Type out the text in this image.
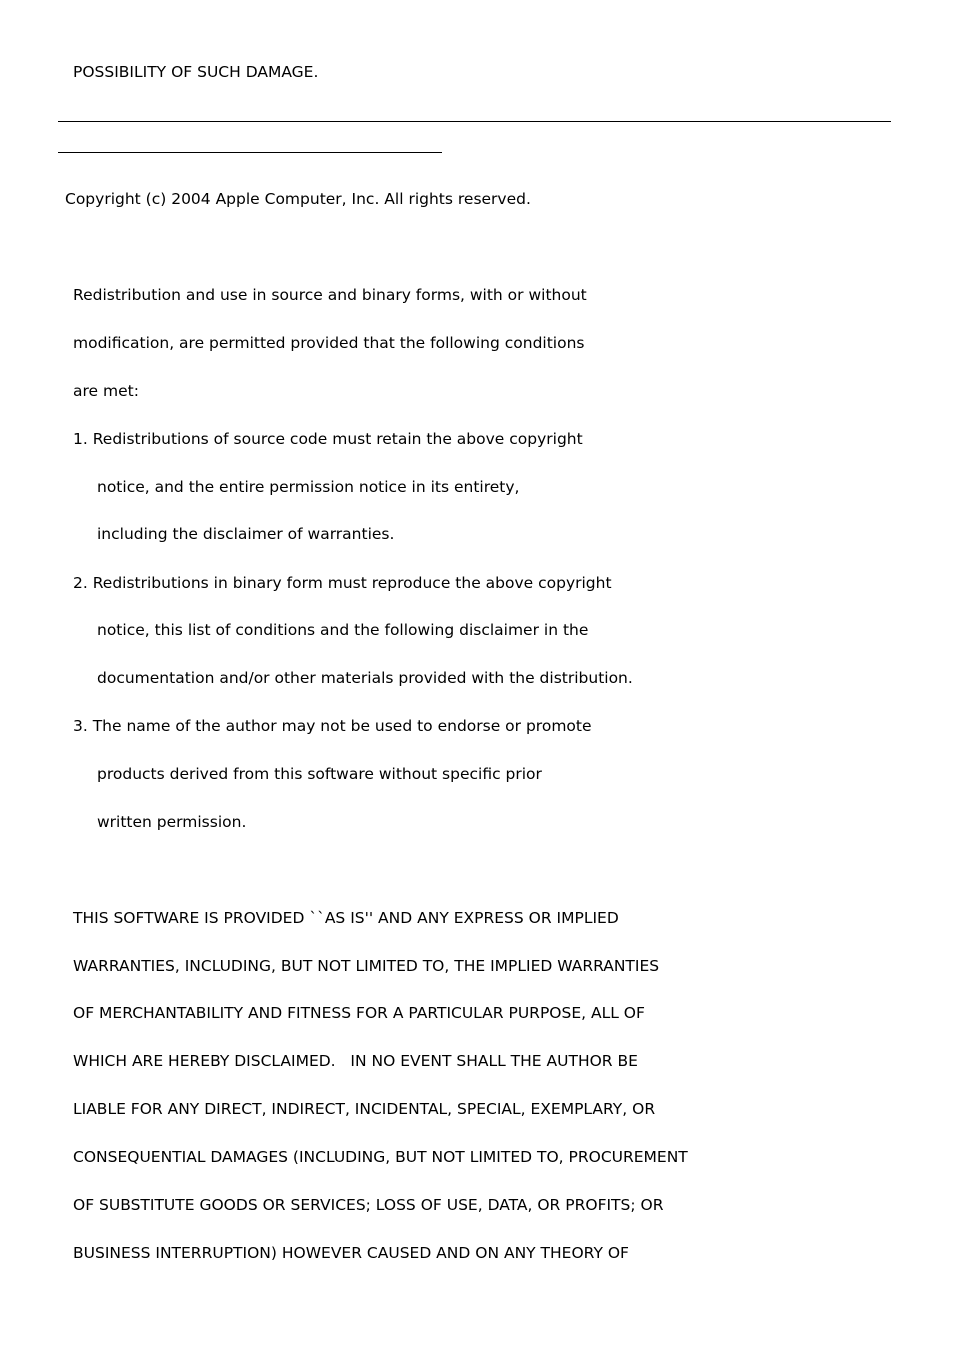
POSSIBILITY OF SUCH DAMAGE.
Copyright (c) 2004 Apple Computer, Inc. All rights reserved.
Redistribution and use in source and binary forms, with or without
modification, are permitted provided that the following conditions
are met:
1. Redistributions of source code must retain the above copyright
notice, and the entire permission notice in its entirety,
including the disclaimer of warranties.
2. Redistributions in binary form must reproduce the above copyright
notice, this list of conditions and the following disclaimer in the
documentation and/or other materials provided with the distribution.
3. The name of the author may not be used to endorse or promote
products derived from this software without specific prior
written permission.
THIS SOFTWARE IS PROVIDED ``AS IS'' AND ANY EXPRESS OR IMPLIED
WARRANTIES, INCLUDING, BUT NOT LIMITED TO, THE IMPLIED WARRANTIES
OF MERCHANTABILITY AND FITNESS FOR A PARTICULAR PURPOSE, ALL OF
WHICH ARE HEREBY DISCLAIMED.   IN NO EVENT SHALL THE AUTHOR BE
LIABLE FOR ANY DIRECT, INDIRECT, INCIDENTAL, SPECIAL, EXEMPLARY, OR
CONSEQUENTIAL DAMAGES (INCLUDING, BUT NOT LIMITED TO, PROCUREMENT
OF SUBSTITUTE GOODS OR SERVICES; LOSS OF USE, DATA, OR PROFITS; OR
BUSINESS INTERRUPTION) HOWEVER CAUSED AND ON ANY THEORY OF
